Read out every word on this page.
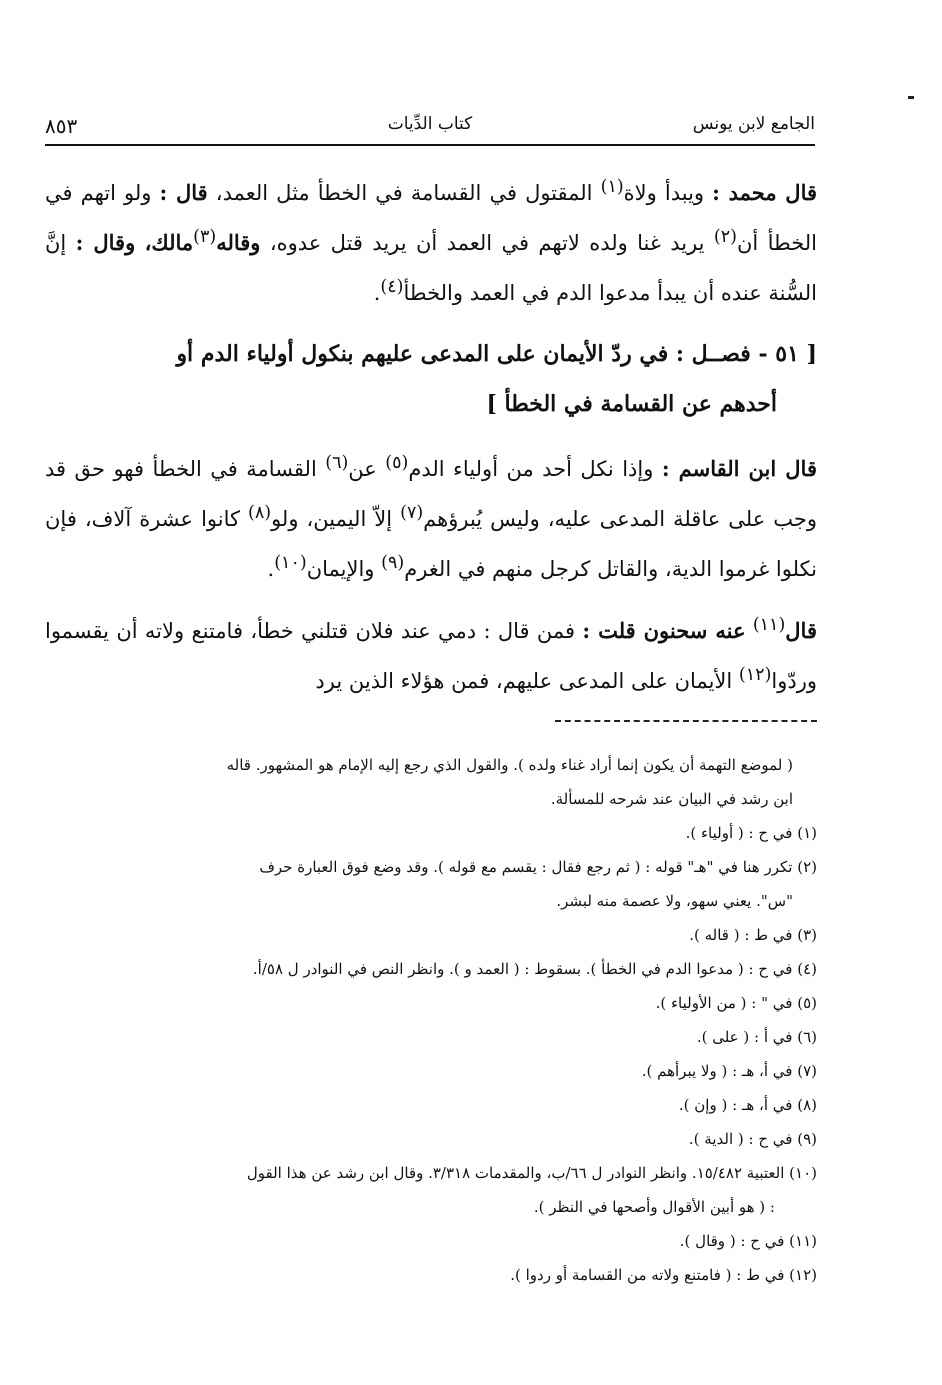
الجامع لابن يونس
كتاب الدِّيات
٨٥٣

قال محمد : ويبدأ ولاة$^{(١)}$ المقتول في القسامة في الخطأ مثل العمد، قال : ولو اتهم في الخطأ أن$^{(٢)}$ يريد غنا ولده لاتهم في العمد أن يريد قتل عدوه، وقاله$^{(٣)}$مالك، وقال : إنَّ السُّنة عنده أن يبدأ مدعوا الدم في العمد والخطأ$^{(٤)}$.

[ ٥١ - فصــل : في ردّ الأيمان على المدعى عليهم بنكول أولياء الدم أو
أحدهم عن القسامة في الخطأ ]

قال ابن القاسم : وإذا نكل أحد من أولياء الدم$^{(٥)}$ عن$^{(٦)}$ القسامة في الخطأ فهو حق قد وجب على عاقلة المدعى عليه، وليس يُبرؤهم$^{(٧)}$ إلاّ اليمين، ولو$^{(٨)}$ كانوا عشرة آلاف، فإن نكلوا غرموا الدية، والقاتل كرجل منهم في الغرم$^{(٩)}$ والإيمان$^{(١٠)}$.

قال$^{(١١)}$ عنه سحنون قلت : فمن قال : دمي عند فلان قتلني خطأ، فامتنع ولاته أن يقسموا وردّوا$^{(١٢)}$ الأيمان على المدعى عليهم، فمن هؤلاء الذين يرد

( لموضع التهمة أن يكون إنما أراد غناء ولده ). والقول الذي رجع إليه الإمام هو المشهور. قاله

ابن رشد في البيان عند شرحه للمسألة.

(١) في ح : ( أولياء ).

(٢) تكرر هنا في "هـ" قوله : ( ثم رجع فقال : يقسم مع قوله ). وقد وضع فوق العبارة حرف

"س". يعني سهو، ولا عصمة منه لبشر.

(٣) في ط : ( قاله ).

(٤) في ح : ( مدعوا الدم في الخطأ ). بسقوط : ( العمد و ). وانظر النص في النوادر ل ٥٨/أ.

(٥) في " : ( من الأولياء ).

(٦) في أ : ( على ).

(٧) في أ، هـ : ( ولا يبرأهم ).

(٨) في أ، هـ : ( وإن ).

(٩) في ح : ( الدية ).

(١٠) العتبية ١٥/٤٨٢. وانظر النوادر ل ٦٦/ب، والمقدمات ٣/٣١٨. وقال ابن رشد عن هذا القول

: ( هو أبين الأقوال وأصحها في النظر ).

(١١) في ح : ( وقال ).

(١٢) في ط : ( فامتنع ولاته من القسامة أو ردوا ).
